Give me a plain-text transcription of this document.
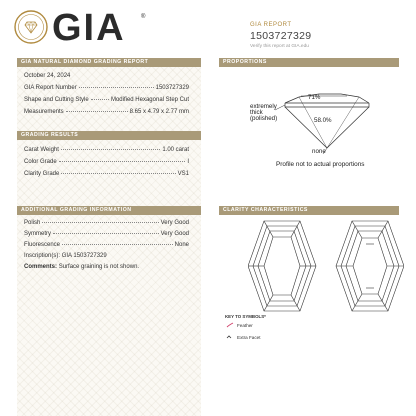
GIA	®
GIA REPORT
1503727329
Verify this report at GIA.edu
GIA NATURAL DIAMOND GRADING REPORT
October 24, 2024
GIA Report Number	1503727329
Shape and Cutting Style	Modified Hexagonal Step Cut
Measurements	8.65 x 4.79 x 2.77 mm
GRADING RESULTS
Carat Weight	1.00 carat
Color Grade	I
Clarity Grade	VS1
ADDITIONAL GRADING INFORMATION
Polish	Very Good
Symmetry	Very Good
Fluorescence	None
Inscription(s): GIA 1503727329
Comments: Surface graining is not shown.
PROPORTIONS
extremely
thick
(polished)
71%
58.0%
none
Profile not to actual proportions
CLARITY CHARACTERISTICS
KEY TO SYMBOLS*
Feather
Extra Facet
